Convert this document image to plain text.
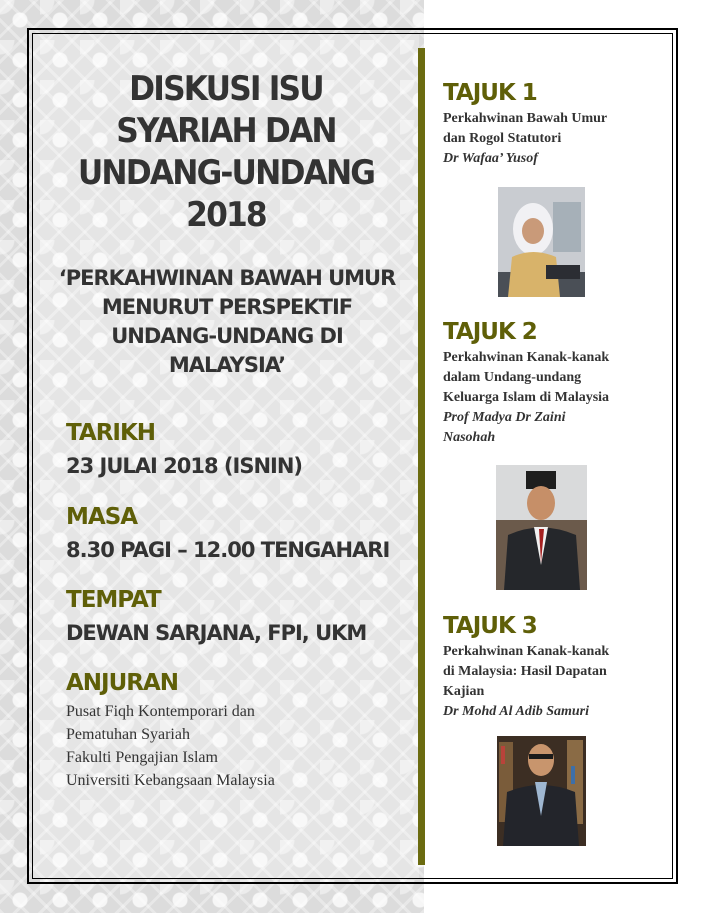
DISKUSI ISU
SYARIAH DAN
UNDANG-UNDANG
2018
‘PERKAHWINAN BAWAH UMUR
MENURUT PERSPEKTIF
UNDANG-UNDANG DI
MALAYSIA’

TARIKH

23 JULAI 2018 (ISNIN)

MASA

8.30 PAGI – 12.00 TENGAHARI

TEMPAT

DEWAN SARJANA, FPI, UKM

ANJURAN

Pusat Fiqh Kontemporari dan
Pematuhan Syariah
Fakulti Pengajian Islam
Universiti Kebangsaan Malaysia

TAJUK 1

Perkahwinan Bawah Umur
dan Rogol Statutori

Dr Wafaa’ Yusof

TAJUK 2

Perkahwinan Kanak-kanak
dalam Undang-undang
Keluarga Islam di Malaysia

Prof Madya Dr Zaini
Nasohah

TAJUK 3

Perkahwinan Kanak-kanak
di Malaysia: Hasil Dapatan
Kajian

Dr Mohd Al Adib Samuri
